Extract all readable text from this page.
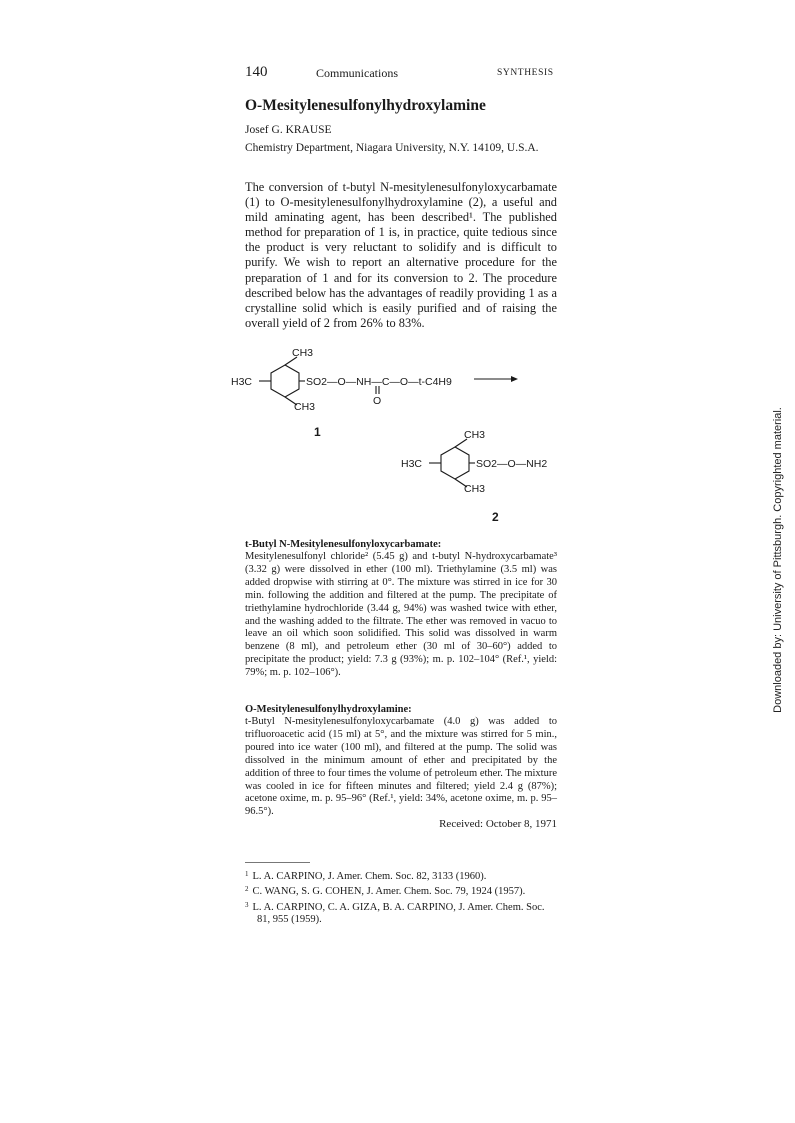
140	Communications	SYNTHESIS
O-Mesitylenesulfonylhydroxylamine
Josef G. KRAUSE
Chemistry Department, Niagara University, N.Y. 14109, U.S.A.

The conversion of t-butyl N-mesitylenesulfonyloxycarbamate (1) to O-mesitylenesulfonylhydroxylamine (2), a useful and mild aminating agent, has been described¹. The published method for preparation of 1 is, in practice, quite tedious since the product is very reluctant to solidify and is difficult to purify. We wish to report an alternative procedure for the preparation of 1 and for its conversion to 2. The procedure described below has the advantages of readily providing 1 as a crystalline solid which is easily purified and of raising the overall yield of 2 from 26% to 83%.

CH3
H3C	SO2—O—NH—C—O—t-C4H9
O
CH3
1	CH3
H3C	SO2—O—NH2
CH3
2
t-Butyl N-Mesitylenesulfonyloxycarbamate:

Mesitylenesulfonyl chloride² (5.45 g) and t-butyl N-hydroxycarbamate³ (3.32 g) were dissolved in ether (100 ml). Triethylamine (3.5 ml) was added dropwise with stirring at 0°. The mixture was stirred in ice for 30 min. following the addition and filtered at the pump. The precipitate of triethylamine hydrochloride (3.44 g, 94%) was washed twice with ether, and the washing added to the filtrate. The ether was removed in vacuo to leave an oil which soon solidified. This solid was dissolved in warm benzene (8 ml), and petroleum ether (30 ml of 30–60°) added to precipitate the product; yield: 7.3 g (93%); m. p. 102–104° (Ref.¹, yield: 79%; m. p. 102–106°).

O-Mesitylenesulfonylhydroxylamine:

t-Butyl N-mesitylenesulfonyloxycarbamate (4.0 g) was added to trifluoroacetic acid (15 ml) at 5°, and the mixture was stirred for 5 min., poured into ice water (100 ml), and filtered at the pump. The solid was dissolved in the minimum amount of ether and precipitated by the addition of three to four times the volume of petroleum ether. The mixture was cooled in ice for fifteen minutes and filtered; yield 2.4 g (87%); acetone oxime, m. p. 95–96° (Ref.¹, yield: 34%, acetone oxime, m. p. 95–96.5°).

Received: October 8, 1971
$^1$ L. A. CARPINO, J. Amer. Chem. Soc. 82, 3133 (1960).
$^2$ C. WANG, S. G. COHEN, J. Amer. Chem. Soc. 79, 1924 (1957).
$^3$ L. A. CARPINO, C. A. GIZA, B. A. CARPINO, J. Amer. Chem. Soc. 81, 955 (1959).
Downloaded by: University of Pittsburgh. Copyrighted material.
